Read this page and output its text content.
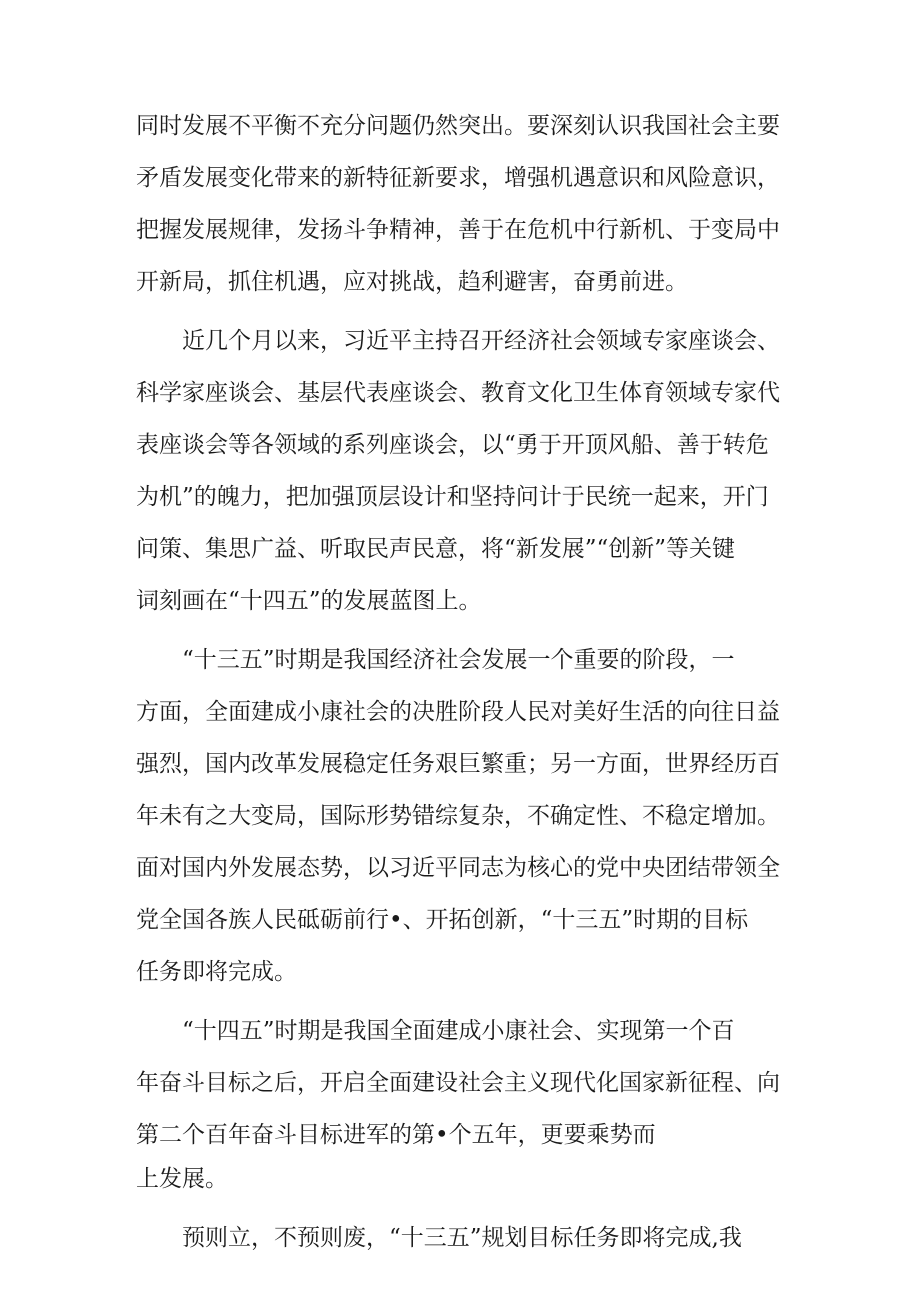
同时发展不平衡不充分问题仍然突出。要深刻认识我国社会主要
矛盾发展变化带来的新特征新要求，增强机遇意识和风险意识，
把握发展规律，发扬斗争精神，善于在危机中行新机、于变局中
开新局，抓住机遇，应对挑战，趋利避害，奋勇前进。
近几个月以来，习近平主持召开经济社会领域专家座谈会、
科学家座谈会、基层代表座谈会、教育文化卫生体育领域专家代
表座谈会等各领域的系列座谈会，以“勇于开顶风船、善于转危
为机”的魄力，把加强顶层设计和坚持问计于民统一起来，开门
问策、集思广益、听取民声民意，将“新发展”“创新”等关键
词刻画在“十四五”的发展蓝图上。
“十三五”时期是我国经济社会发展一个重要的阶段，一
方面，全面建成小康社会的决胜阶段人民对美好生活的向往日益
强烈，国内改革发展稳定任务艰巨繁重；另一方面，世界经历百
年未有之大变局，国际形势错综复杂，不确定性、不稳定增加。
面对国内外发展态势，以习近平同志为核心的党中央团结带领全
党全国各族人民砥砺前行•、开拓创新，“十三五”时期的目标
任务即将完成。
“十四五”时期是我国全面建成小康社会、实现第一个百
年奋斗目标之后，开启全面建设社会主义现代化国家新征程、向
第二个百年奋斗目标进军的第•个五年，更要乘势而
上发展。
预则立，不预则废，“十三五”规划目标任务即将完成,我
